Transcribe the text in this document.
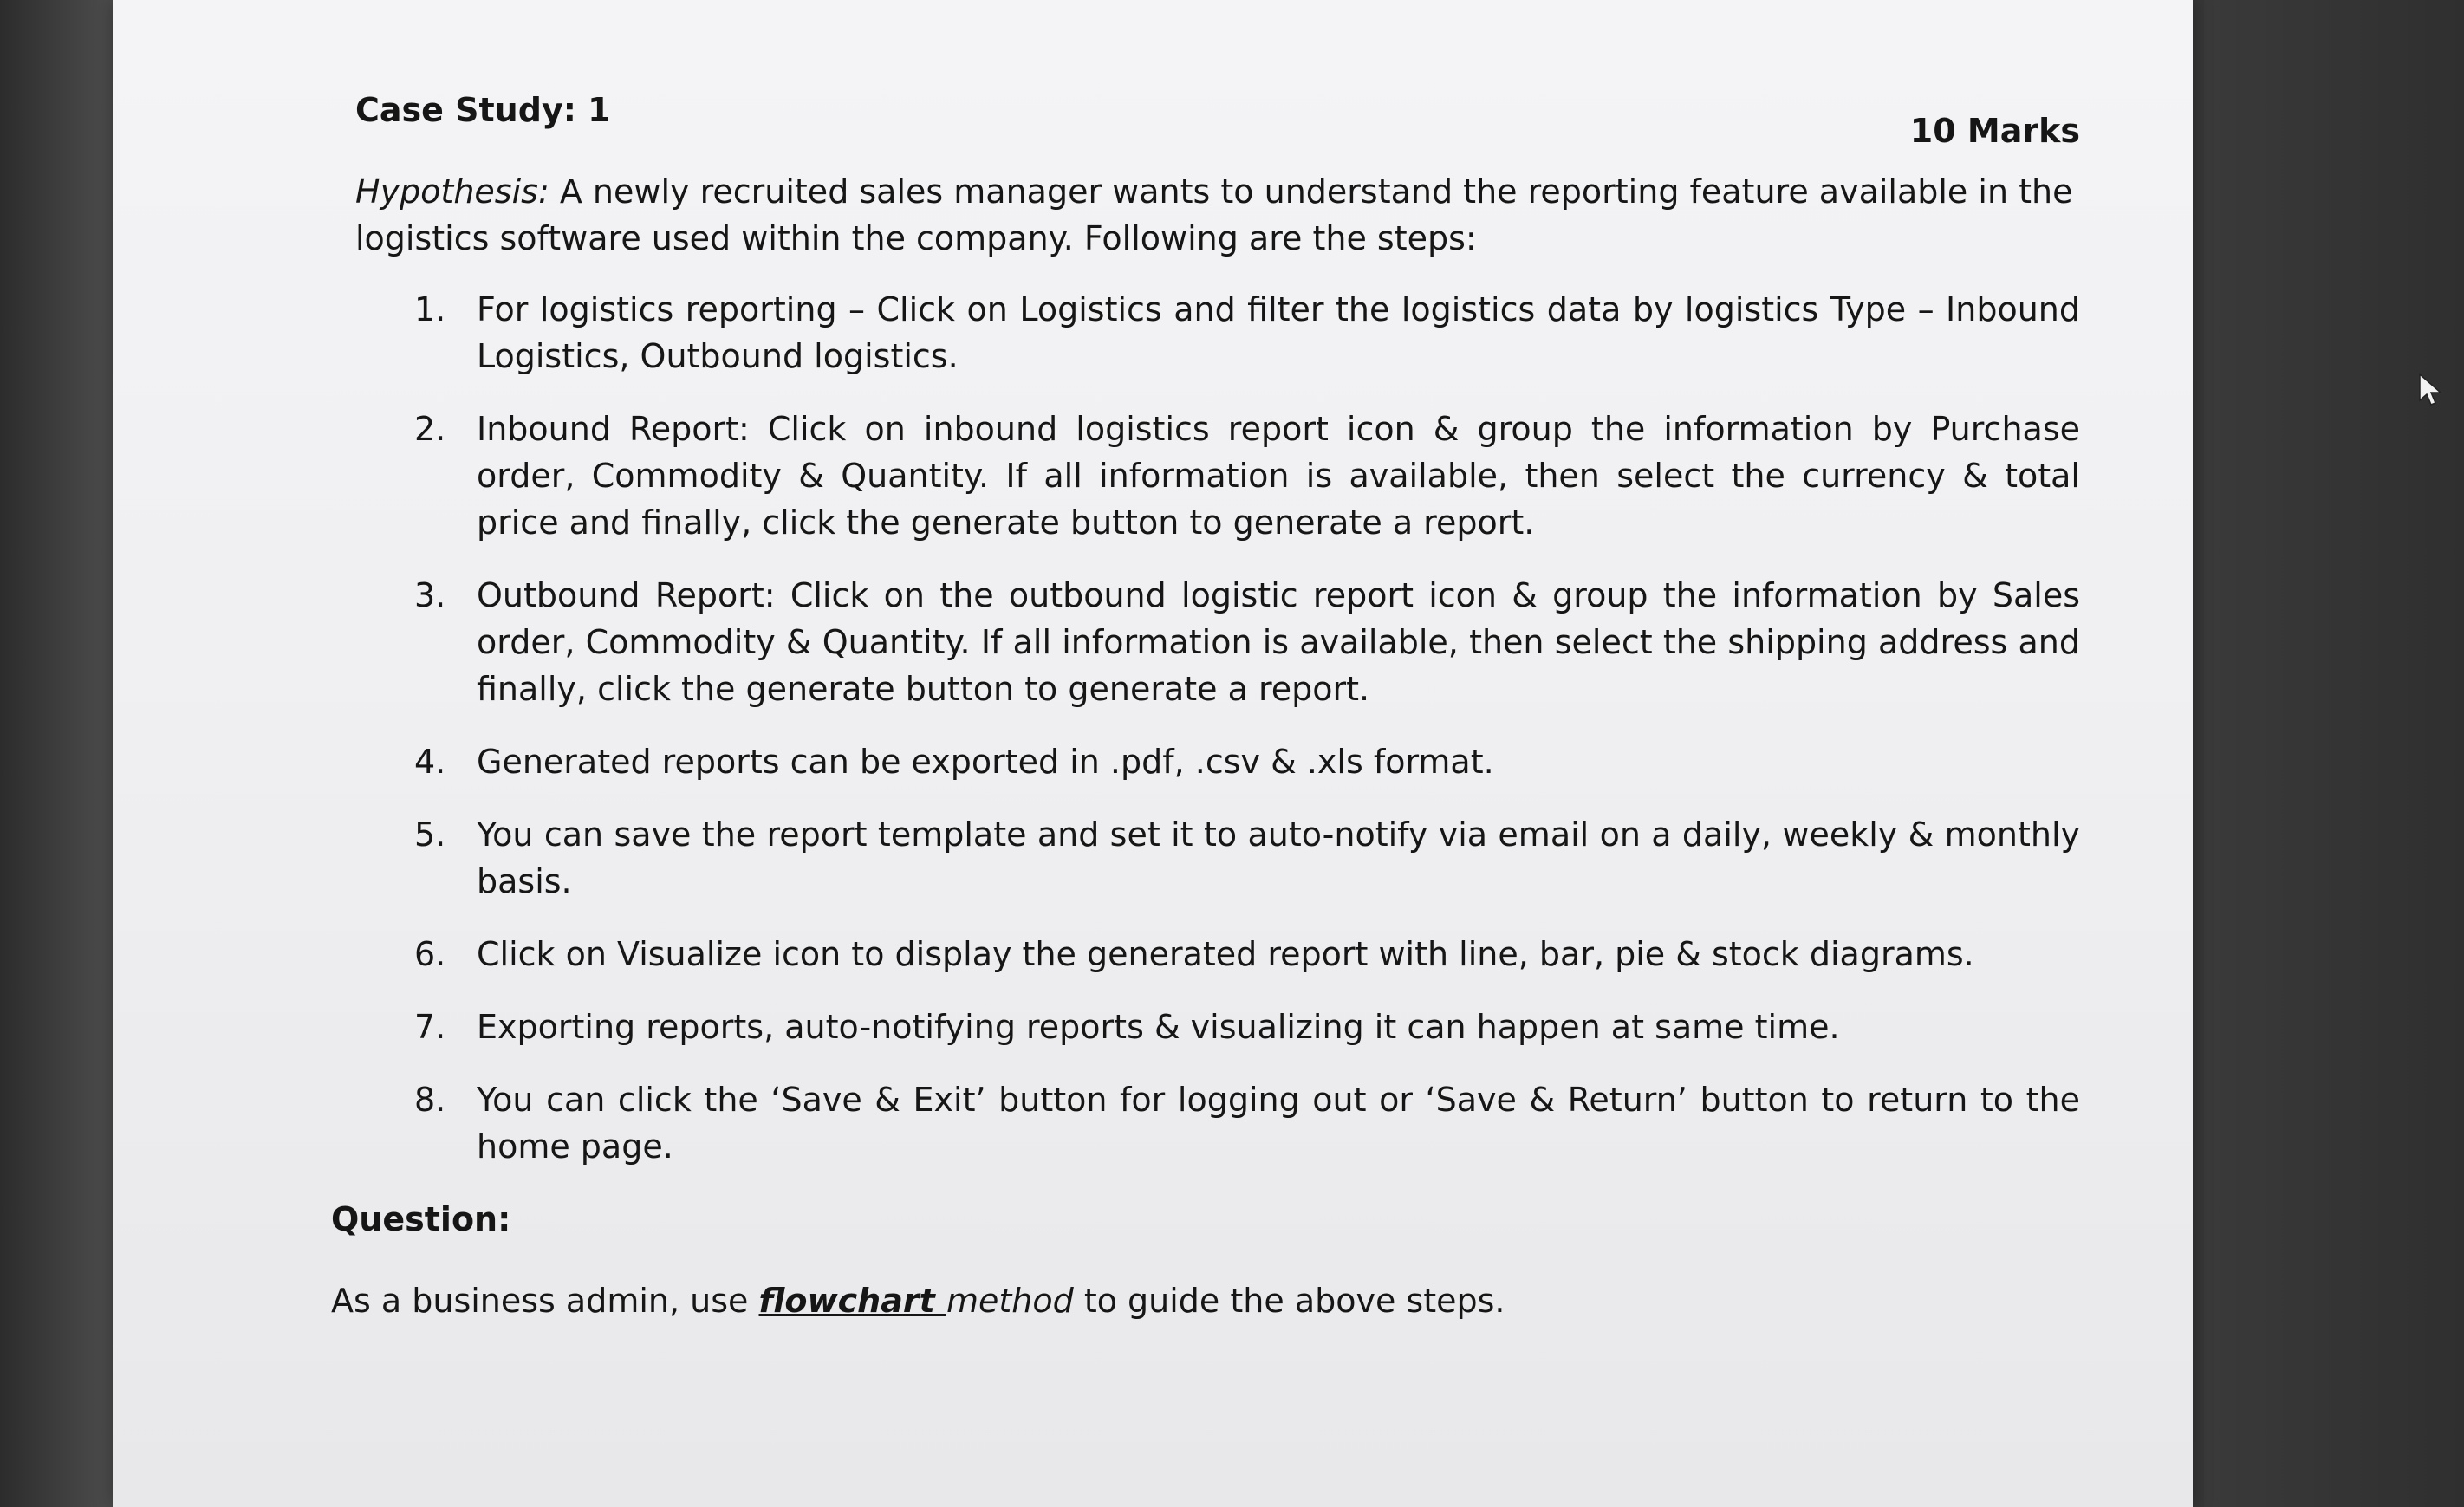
Case Study: 1
10 Marks
Hypothesis: A newly recruited sales manager wants to understand the reporting feature available in the logistics software used within the company. Following are the steps:
1. For logistics reporting – Click on Logistics and filter the logistics data by logistics Type – Inbound Logistics, Outbound logistics.
2. Inbound Report: Click on inbound logistics report icon & group the information by Purchase order, Commodity & Quantity. If all information is available, then select the currency & total price and finally, click the generate button to generate a report.
3. Outbound Report: Click on the outbound logistic report icon & group the information by Sales order, Commodity & Quantity. If all information is available, then select the shipping address and finally, click the generate button to generate a report.
4. Generated reports can be exported in .pdf, .csv & .xls format.
5. You can save the report template and set it to auto-notify via email on a daily, weekly & monthly basis.
6. Click on Visualize icon to display the generated report with line, bar, pie & stock diagrams.
7. Exporting reports, auto-notifying reports & visualizing it can happen at same time.
8. You can click the ‘Save & Exit’ button for logging out or ‘Save & Return’ button to return to the home page.
Question:
As a business admin, use flowchart method to guide the above steps.
